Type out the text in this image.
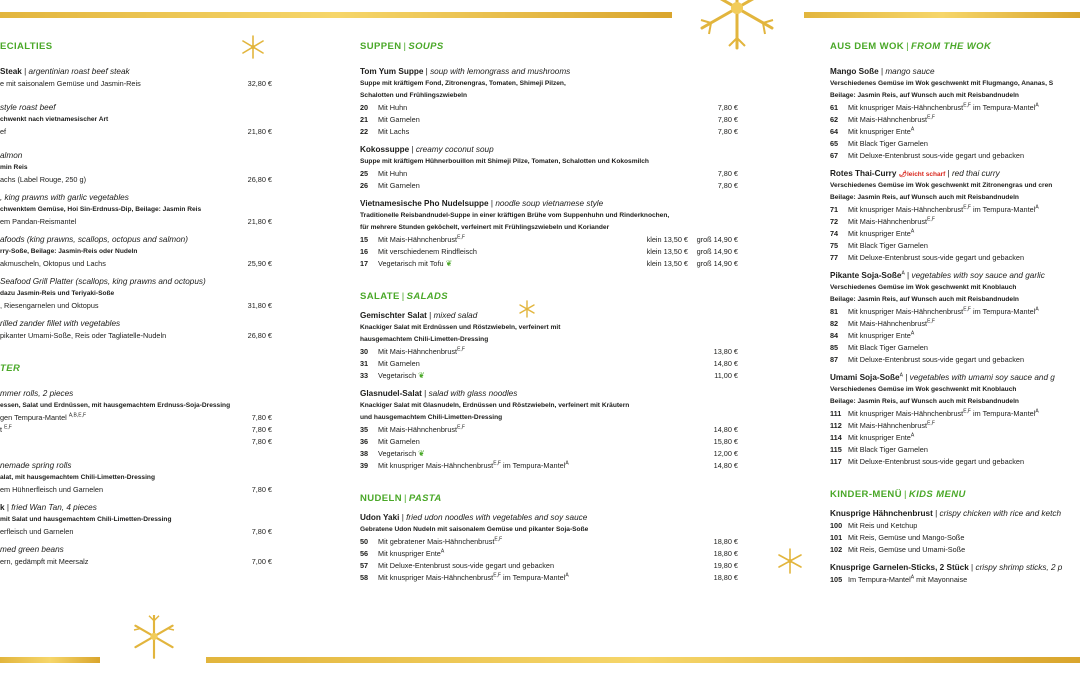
ECIALTIES
Steak | argentinian roast beef steak
e mit saisonalem Gemüse und Jasmin-Reis	32,80 €
style roast beef
chwenkt nach vietnamesischer Art
ef	21,80 €
almon
min Reis
achs (Label Rouge, 250 g)	26,80 €
, king prawns with garlic vegetables
chwenktem Gemüse, Hoi Sin-Erdnuss-Dip, Beilage: Jasmin Reis
em Pandan-Reismantel	21,80 €
afoods (king prawns, scallops, octopus and salmon)
rry-Soße, Beilage: Jasmin-Reis oder Nudeln
akmuscheln, Oktopus und Lachs	25,90 €
Seafood Grill Platter (scallops, king prawns and octopus)
dazu Jasmin-Reis und Teriyaki-Soße
, Riesengarnelen und Oktopus	31,80 €
rilled zander fillet with vegetables
pikanter Umami-Soße, Reis oder Tagliatelle-Nudeln	26,80 €
TER
mmer rolls, 2 pieces
essen, Salat und Erdnüssen, mit hausgemachtem Erdnuss-Soja-Dressing
gen Tempura-Mantel $^{A,B,E,F}$	7,80 €
t $^{E,F}$	7,80 €
7,80 €
nemade spring rolls
alat, mit hausgemachtem Chili-Limetten-Dressing
em Hühnerfleisch und Garnelen	7,80 €
k | fried Wan Tan, 4 pieces
mit Salat und hausgemachtem Chili-Limetten-Dressing
erfleisch und Garnelen	7,80 €
med green beans
ern, gedämpft mit Meersalz	7,00 €
SUPPEN | SOUPS
Tom Yum Suppe | soup with lemongrass and mushrooms
Suppe mit kräftigem Fond, Zitronengras, Tomaten, Shimeji Pilzen,
Schalotten und Frühlingszwiebeln
20 Mit Huhn	7,80 €
21 Mit Garnelen	7,80 €
22 Mit Lachs	7,80 €
Kokossuppe | creamy coconut soup
Suppe mit kräftigem Hühnerbouillon mit Shimeji Pilze, Tomaten, Schalotten und Kokosmilch
25 Mit Huhn	7,80 €
26 Mit Garnelen	7,80 €
Vietnamesische Pho Nudelsuppe | noodle soup vietnamese style
Traditionelle Reisbandnudel-Suppe in einer kräftigen Brühe vom Suppenhuhn und Rinderknochen,
für mehrere Stunden geköchelt, verfeinert mit Frühlingszwiebeln und Koriander
15 Mit Mais-Hähnchenbrust$^{E,F}$	klein 13,50 € groß 14,90 €
16 Mit verschiedenem Rindfleisch	klein 13,50 € groß 14,90 €
17 Vegetarisch mit Tofu ❦	klein 13,50 € groß 14,90 €
SALATE | SALADS
Gemischter Salat | mixed salad
Knackiger Salat mit Erdnüssen und Röstzwiebeln, verfeinert mit
hausgemachtem Chili-Limetten-Dressing
30 Mit Mais-Hähnchenbrust$^{E,F}$	13,80 €
31 Mit Garnelen	14,80 €
33 Vegetarisch ❦	11,00 €
Glasnudel-Salat | salad with glass noodles
Knackiger Salat mit Glasnudeln, Erdnüssen und Röstzwiebeln, verfeinert mit Kräutern
und hausgemachtem Chili-Limetten-Dressing
35 Mit Mais-Hähnchenbrust$^{E,F}$	14,80 €
36 Mit Garnelen	15,80 €
38 Vegetarisch ❦	12,00 €
39 Mit knuspriger Mais-Hähnchenbrust$^{E,F}$ im Tempura-Mantel$^A$	14,80 €
NUDELN | PASTA
Udon Yaki | fried udon noodles with vegetables and soy sauce
Gebratene Udon Nudeln mit saisonalem Gemüse und pikanter Soja-Soße
50 Mit gebratener Mais-Hähnchenbrust$^{E,F}$	18,80 €
56 Mit knuspriger Ente$^A$	18,80 €
57 Mit Deluxe-Entenbrust sous-vide gegart und gebacken	19,80 €
58 Mit knuspriger Mais-Hähnchenbrust$^{E,F}$ im Tempura-Mantel$^A$	18,80 €
AUS DEM WOK | FROM THE WOK
Mango Soße | mango sauce
Verschiedenes Gemüse im Wok geschwenkt mit Flugmango, Ananas, S
Beilage: Jasmin Reis, auf Wunsch auch mit Reisbandnudeln
61 Mit knuspriger Mais-Hähnchenbrust$^{E,F}$ im Tempura-Mantel$^A$
62 Mit Mais-Hähnchenbrust$^{E,F}$
64 Mit knuspriger Ente$^A$
65 Mit Black Tiger Garnelen
67 Mit Deluxe-Entenbrust sous-vide gegart und gebacken
Rotes Thai-Curry 🌶leicht scharf | red thai curry
Verschiedenes Gemüse im Wok geschwenkt mit Zitronengras und cren
Beilage: Jasmin Reis, auf Wunsch auch mit Reisbandnudeln
71 Mit knuspriger Mais-Hähnchenbrust$^{E,F}$ im Tempura-Mantel$^A$
72 Mit Mais-Hähnchenbrust$^{E,F}$
74 Mit knuspriger Ente$^A$
75 Mit Black Tiger Garnelen
77 Mit Deluxe-Entenbrust sous-vide gegart und gebacken
Pikante Soja-Soße$^A$ | vegetables with soy sauce and garlic
Verschiedenes Gemüse im Wok geschwenkt mit Knoblauch
Beilage: Jasmin Reis, auf Wunsch auch mit Reisbandnudeln
81 Mit knuspriger Mais-Hähnchenbrust$^{E,F}$ im Tempura-Mantel$^A$
82 Mit Mais-Hähnchenbrust$^{E,F}$
84 Mit knuspriger Ente$^A$
85 Mit Black Tiger Garnelen
87 Mit Deluxe-Entenbrust sous-vide gegart und gebacken
Umami Soja-Soße$^A$ | vegetables with umami soy sauce and g
Verschiedenes Gemüse im Wok geschwenkt mit Knoblauch
Beilage: Jasmin Reis, auf Wunsch auch mit Reisbandnudeln
111 Mit knuspriger Mais-Hähnchenbrust$^{E,F}$ im Tempura-Mantel$^A$
112 Mit Mais-Hähnchenbrust$^{E,F}$
114 Mit knuspriger Ente$^A$
115 Mit Black Tiger Garnelen
117 Mit Deluxe-Entenbrust sous-vide gegart und gebacken
KINDER-MENÜ | KIDS MENU
Knusprige Hähnchenbrust | crispy chicken with rice and ketch
100 Mit Reis und Ketchup
101 Mit Reis, Gemüse und Mango-Soße
102 Mit Reis, Gemüse und Umami-Soße
Knusprige Garnelen-Sticks, 2 Stück | crispy shrimp sticks, 2 p
105 Im Tempura-Mantel$^A$ mit Mayonnaise
